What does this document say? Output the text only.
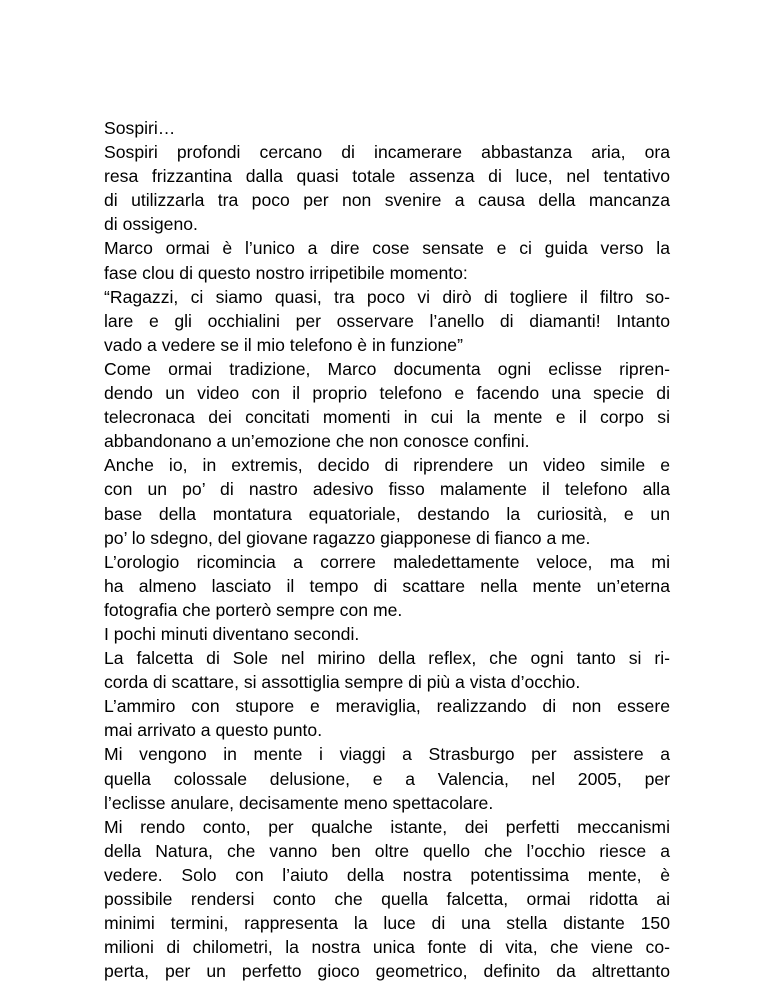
Sospiri…
Sospiri profondi cercano di incamerare abbastanza aria, ora
resa frizzantina dalla quasi totale assenza di luce, nel tentativo
di utilizzarla tra poco per non svenire a causa della mancanza
di ossigeno.
Marco ormai è l’unico a dire cose sensate e ci guida verso la
fase clou di questo nostro irripetibile momento:
“Ragazzi, ci siamo quasi, tra poco vi dirò di togliere il filtro so-
lare e gli occhialini per osservare l’anello di diamanti! Intanto
vado a vedere se il mio telefono è in funzione”
Come ormai tradizione, Marco documenta ogni eclisse ripren-
dendo un video con il proprio telefono e facendo una specie di
telecronaca dei concitati momenti in cui la mente e il corpo si
abbandonano a un’emozione che non conosce confini.
Anche io, in extremis, decido di riprendere un video simile e
con un po’ di nastro adesivo fisso malamente il telefono alla
base della montatura equatoriale, destando la curiosità, e un
po’ lo sdegno, del giovane ragazzo giapponese di fianco a me.
L’orologio ricomincia a correre maledettamente veloce, ma mi
ha almeno lasciato il tempo di scattare nella mente un’eterna
fotografia che porterò sempre con me.
I pochi minuti diventano secondi.
La falcetta di Sole nel mirino della reflex, che ogni tanto si ri-
corda di scattare, si assottiglia sempre di più a vista d’occhio.
L’ammiro con stupore e meraviglia, realizzando di non essere
mai arrivato a questo punto.
Mi vengono in mente i viaggi a Strasburgo per assistere a
quella colossale delusione, e a Valencia, nel 2005, per
l’eclisse anulare, decisamente meno spettacolare.
Mi rendo conto, per qualche istante, dei perfetti meccanismi
della Natura, che vanno ben oltre quello che l’occhio riesce a
vedere. Solo con l’aiuto della nostra potentissima mente, è
possibile rendersi conto che quella falcetta, ormai ridotta ai
minimi termini, rappresenta la luce di una stella distante 150
milioni di chilometri, la nostra unica fonte di vita, che viene co-
perta, per un perfetto gioco geometrico, definito da altrettanto
